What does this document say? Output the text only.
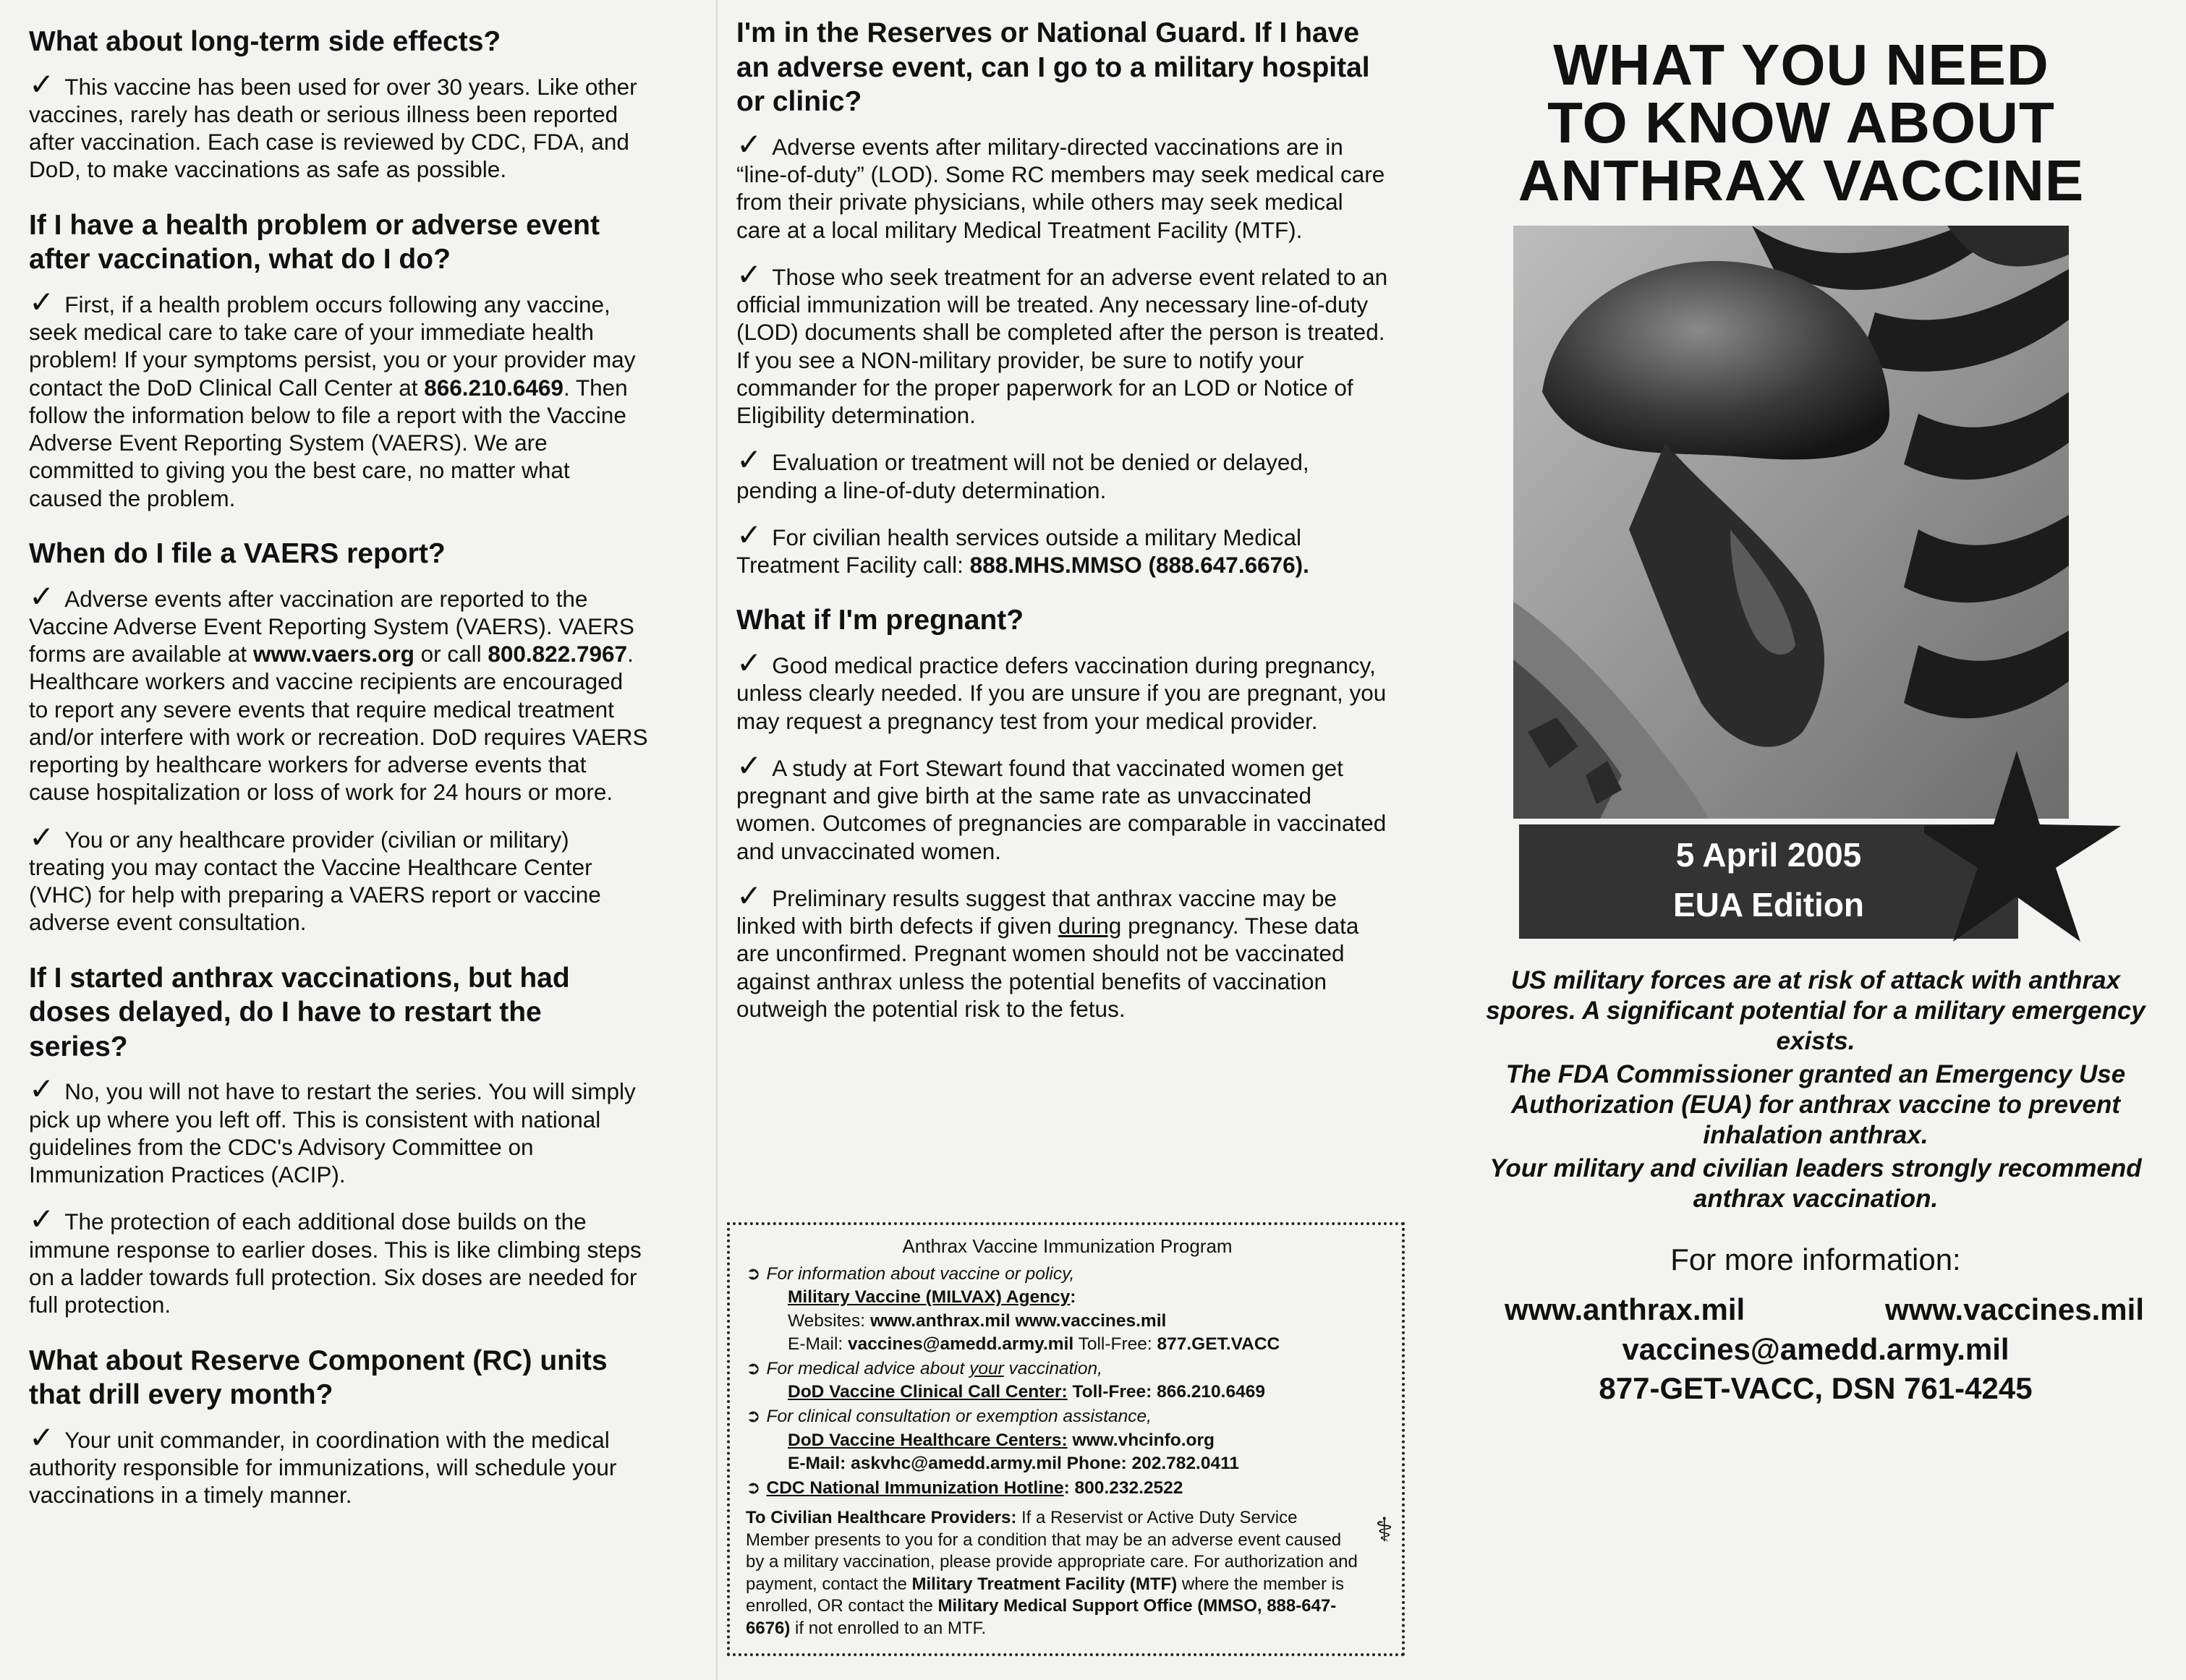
What about long-term side effects?

✓ This vaccine has been used for over 30 years. Like other vaccines, rarely has death or serious illness been reported after vaccination. Each case is reviewed by CDC, FDA, and DoD, to make vaccinations as safe as possible.

If I have a health problem or adverse event after vaccination, what do I do?

✓ First, if a health problem occurs following any vaccine, seek medical care to take care of your immediate health problem! If your symptoms persist, you or your provider may contact the DoD Clinical Call Center at 866.210.6469. Then follow the information below to file a report with the Vaccine Adverse Event Reporting System (VAERS). We are committed to giving you the best care, no matter what caused the problem.

When do I file a VAERS report?

✓ Adverse events after vaccination are reported to the Vaccine Adverse Event Reporting System (VAERS). VAERS forms are available at www.vaers.org or call 800.822.7967. Healthcare workers and vaccine recipients are encouraged to report any severe events that require medical treatment and/or interfere with work or recreation. DoD requires VAERS reporting by healthcare workers for adverse events that cause hospitalization or loss of work for 24 hours or more.

✓ You or any healthcare provider (civilian or military) treating you may contact the Vaccine Healthcare Center (VHC) for help with preparing a VAERS report or vaccine adverse event consultation.

If I started anthrax vaccinations, but had doses delayed, do I have to restart the series?

✓ No, you will not have to restart the series. You will simply pick up where you left off. This is consistent with national guidelines from the CDC's Advisory Committee on Immunization Practices (ACIP).

✓ The protection of each additional dose builds on the immune response to earlier doses. This is like climbing steps on a ladder towards full protection. Six doses are needed for full protection.

What about Reserve Component (RC) units that drill every month?

✓ Your unit commander, in coordination with the medical authority responsible for immunizations, will schedule your vaccinations in a timely manner.

I'm in the Reserves or National Guard. If I have an adverse event, can I go to a military hospital or clinic?

✓ Adverse events after military-directed vaccinations are in “line-of-duty” (LOD). Some RC members may seek medical care from their private physicians, while others may seek medical care at a local military Medical Treatment Facility (MTF).

✓ Those who seek treatment for an adverse event related to an official immunization will be treated. Any necessary line-of-duty (LOD) documents shall be completed after the person is treated. If you see a NON-military provider, be sure to notify your commander for the proper paperwork for an LOD or Notice of Eligibility determination.

✓ Evaluation or treatment will not be denied or delayed, pending a line-of-duty determination.

✓ For civilian health services outside a military Medical Treatment Facility call: 888.MHS.MMSO (888.647.6676).

What if I'm pregnant?

✓ Good medical practice defers vaccination during pregnancy, unless clearly needed. If you are unsure if you are pregnant, you may request a pregnancy test from your medical provider.

✓ A study at Fort Stewart found that vaccinated women get pregnant and give birth at the same rate as unvaccinated women. Outcomes of pregnancies are comparable in vaccinated and unvaccinated women.

✓ Preliminary results suggest that anthrax vaccine may be linked with birth defects if given during pregnancy. These data are unconfirmed. Pregnant women should not be vaccinated against anthrax unless the potential benefits of vaccination outweigh the potential risk to the fetus.

Anthrax Vaccine Immunization Program
➲ For information about vaccine or policy,
Military Vaccine (MILVAX) Agency:
Websites: www.anthrax.mil www.vaccines.mil
E-Mail: vaccines@amedd.army.mil Toll-Free: 877.GET.VACC
➲ For medical advice about your vaccination,
DoD Vaccine Clinical Call Center: Toll-Free: 866.210.6469
➲ For clinical consultation or exemption assistance,
DoD Vaccine Healthcare Centers: www.vhcinfo.org
E-Mail: askvhc@amedd.army.mil Phone: 202.782.0411
➲ CDC National Immunization Hotline: 800.232.2522
To Civilian Healthcare Providers: If a Reservist or Active Duty Service Member presents to you for a condition that may be an adverse event caused by a military vaccination, please provide appropriate care. For authorization and payment, contact the Military Treatment Facility (MTF) where the member is enrolled, OR contact the Military Medical Support Office (MMSO, 888-647-6676) if not enrolled to an MTF.
⚕
WHAT YOU NEED
TO KNOW ABOUT
ANTHRAX VACCINE
5 April 2005
EUA Edition

US military forces are at risk of attack with anthrax spores. A significant potential for a military emergency exists.

The FDA Commissioner granted an Emergency Use Authorization (EUA) for anthrax vaccine to prevent inhalation anthrax.

Your military and civilian leaders strongly recommend anthrax vaccination.

For more information:
www.anthrax.mil	www.vaccines.mil
vaccines@amedd.army.mil
877-GET-VACC, DSN 761-4245
